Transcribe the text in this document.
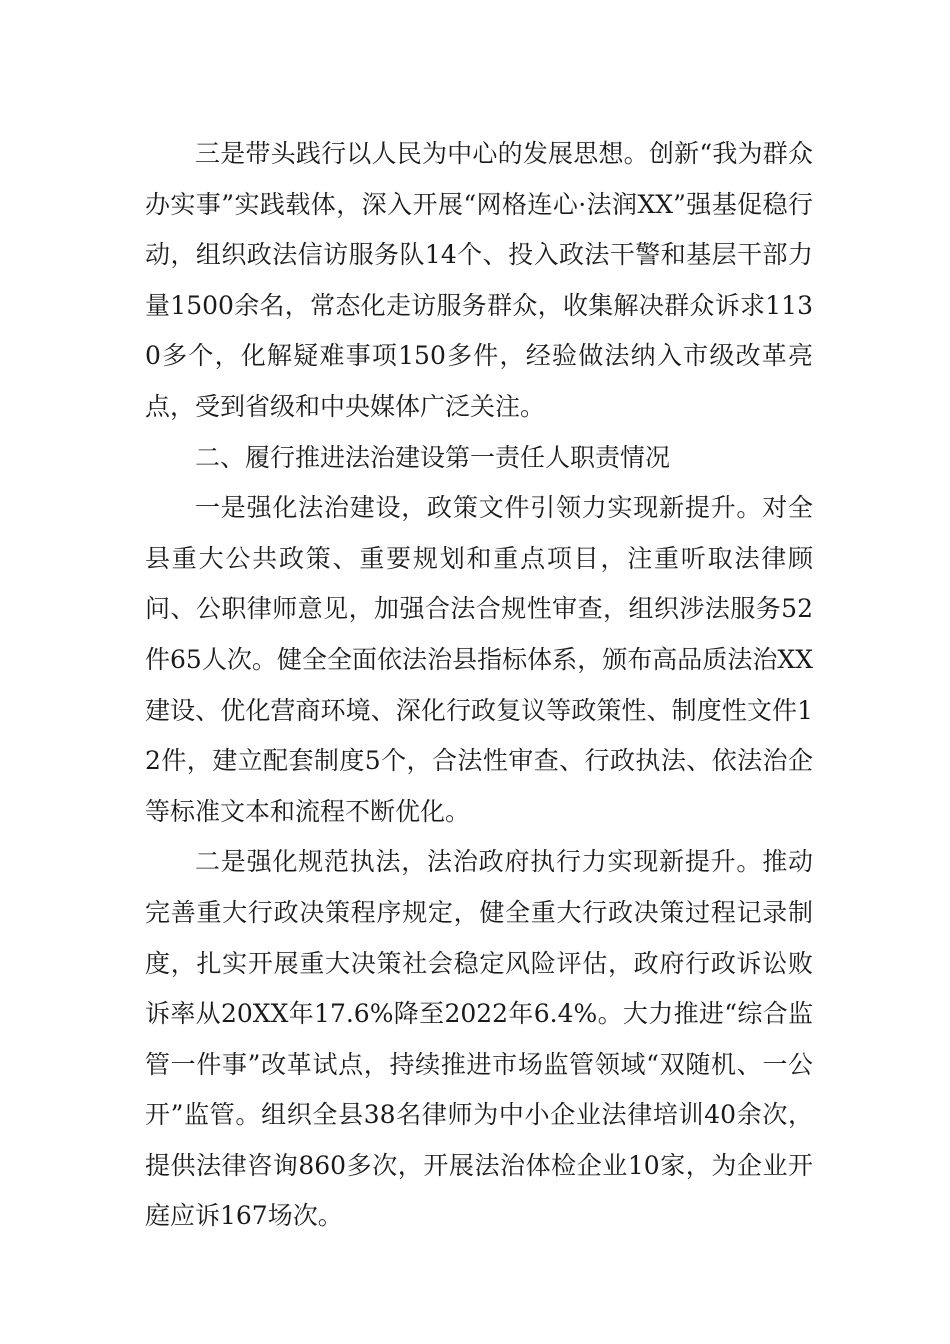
三是带头践行以人民为中心的发展思想。创新“我为群众办实事”实践载体，深入开展“网格连心·法润XX”强基促稳行动，组织政法信访服务队14个、投入政法干警和基层干部力量1500余名，常态化走访服务群众，收集解决群众诉求1130多个，化解疑难事项150多件，经验做法纳入市级改革亮点，受到省级和中央媒体广泛关注。

二、履行推进法治建设第一责任人职责情况

一是强化法治建设，政策文件引领力实现新提升。对全县重大公共政策、重要规划和重点项目，注重听取法律顾问、公职律师意见，加强合法合规性审查，组织涉法服务52件65人次。健全全面依法治县指标体系，颁布高品质法治XX建设、优化营商环境、深化行政复议等政策性、制度性文件12件，建立配套制度5个，合法性审查、行政执法、依法治企等标准文本和流程不断优化。

二是强化规范执法，法治政府执行力实现新提升。推动完善重大行政决策程序规定，健全重大行政决策过程记录制度，扎实开展重大决策社会稳定风险评估，政府行政诉讼败诉率从20XX年17.6%降至2022年6.4%。大力推进“综合监管一件事”改革试点，持续推进市场监管领域“双随机、一公开”监管。组织全县38名律师为中小企业法律培训40余次，提供法律咨询860多次，开展法治体检企业10家，为企业开庭应诉167场次。
